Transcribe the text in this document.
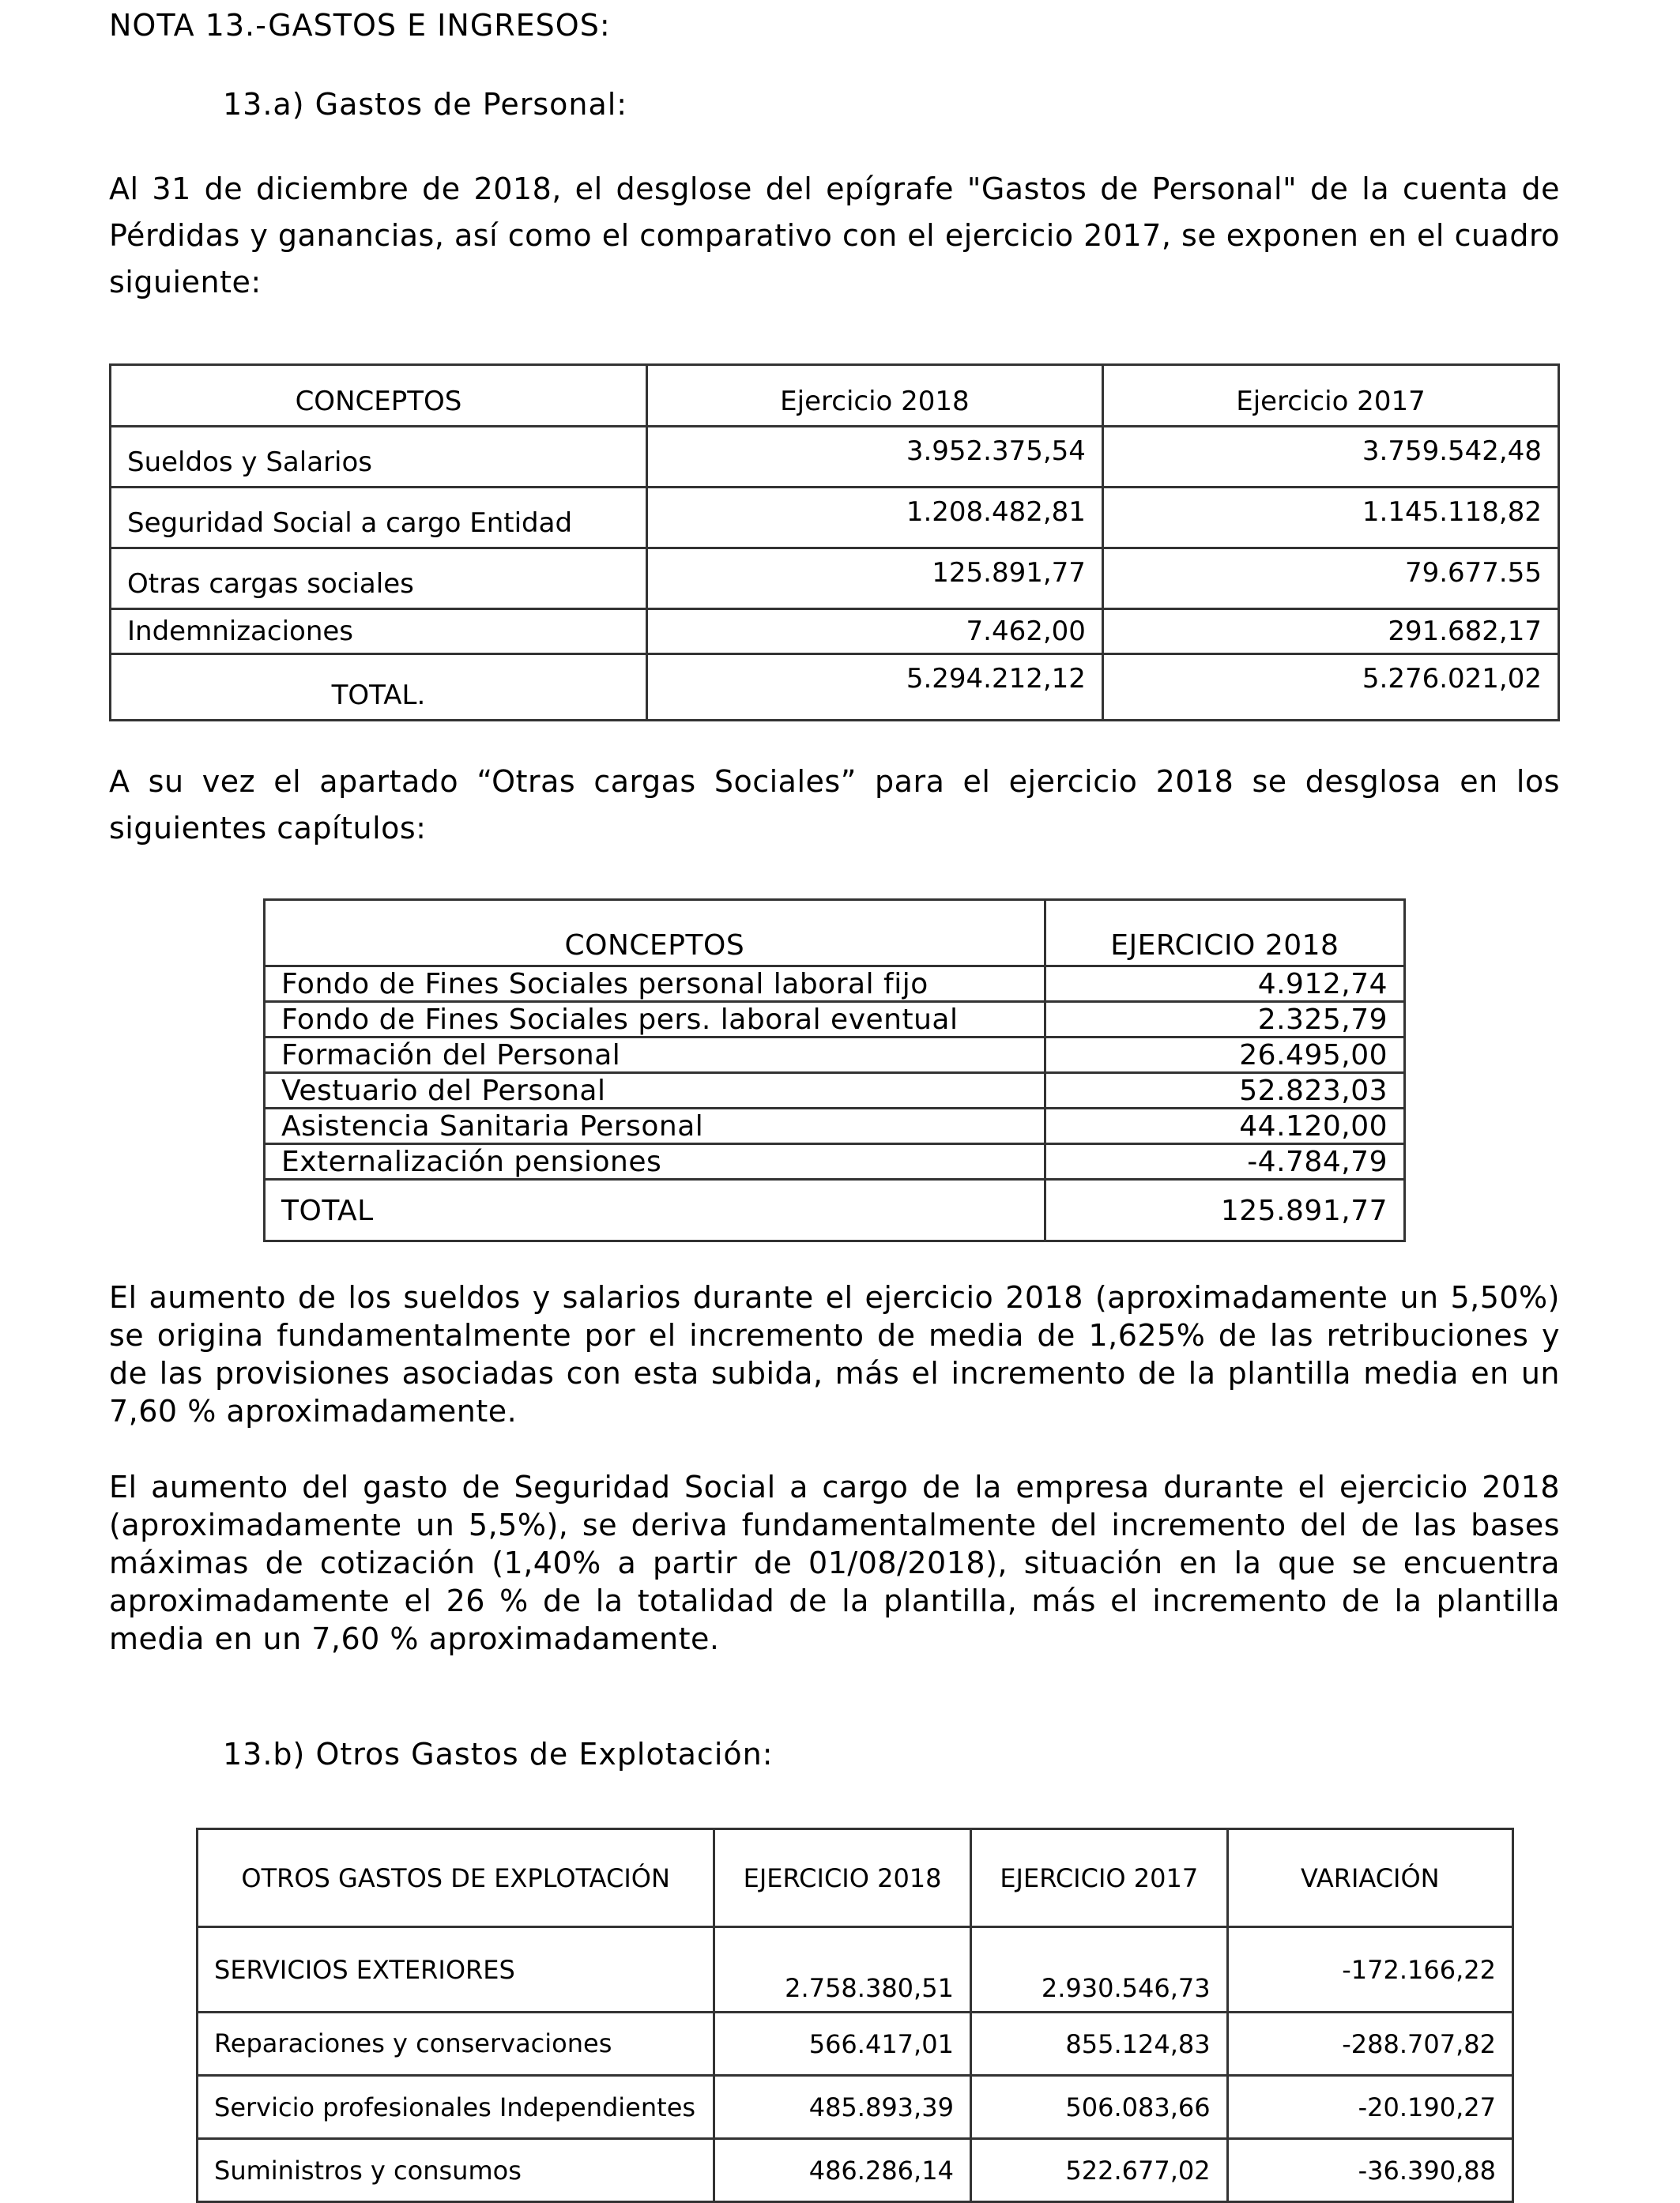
NOTA 13.-GASTOS E INGRESOS:
13.a) Gastos de Personal:
Al 31 de diciembre de 2018, el desglose del epígrafe "Gastos de Personal" de la cuenta de Pérdidas y ganancias, así como el comparativo con el ejercicio 2017, se exponen en el cuadro siguiente:
CONCEPTOS	Ejercicio 2018	Ejercicio 2017
Sueldos y Salarios	3.952.375,54	3.759.542,48
Seguridad Social a cargo Entidad	1.208.482,81	1.145.118,82
Otras cargas sociales	125.891,77	79.677.55
Indemnizaciones	7.462,00	291.682,17
TOTAL.	5.294.212,12	5.276.021,02
A su vez el apartado “Otras cargas Sociales” para el ejercicio 2018 se desglosa en los siguientes capítulos:
CONCEPTOS	EJERCICIO 2018
Fondo de Fines Sociales personal laboral fijo	4.912,74
Fondo de Fines Sociales pers. laboral eventual	2.325,79
Formación del Personal	26.495,00
Vestuario del Personal	52.823,03
Asistencia Sanitaria Personal	44.120,00
Externalización pensiones	-4.784,79
TOTAL	125.891,77
El aumento de los sueldos y salarios durante el ejercicio 2018 (aproximadamente un 5,50%) se origina fundamentalmente por el incremento de media de 1,625% de las retribuciones y de las provisiones asociadas con esta subida, más el incremento de la plantilla media en un 7,60 % aproximadamente.
El aumento del gasto de Seguridad Social a cargo de la empresa durante el ejercicio 2018 (aproximadamente un 5,5%), se deriva fundamentalmente del incremento del de las bases máximas de cotización (1,40% a partir de 01/08/2018), situación en la que se encuentra aproximadamente el 26 % de la totalidad de la plantilla, más el incremento de la plantilla media en un 7,60 % aproximadamente.
13.b) Otros Gastos de Explotación:
OTROS GASTOS DE EXPLOTACIÓN	EJERCICIO 2018	EJERCICIO 2017	VARIACIÓN
SERVICIOS EXTERIORES	2.758.380,51	2.930.546,73	-172.166,22
Reparaciones y conservaciones	566.417,01	855.124,83	-288.707,82
Servicio profesionales Independientes	485.893,39	506.083,66	-20.190,27
Suministros y consumos	486.286,14	522.677,02	-36.390,88
